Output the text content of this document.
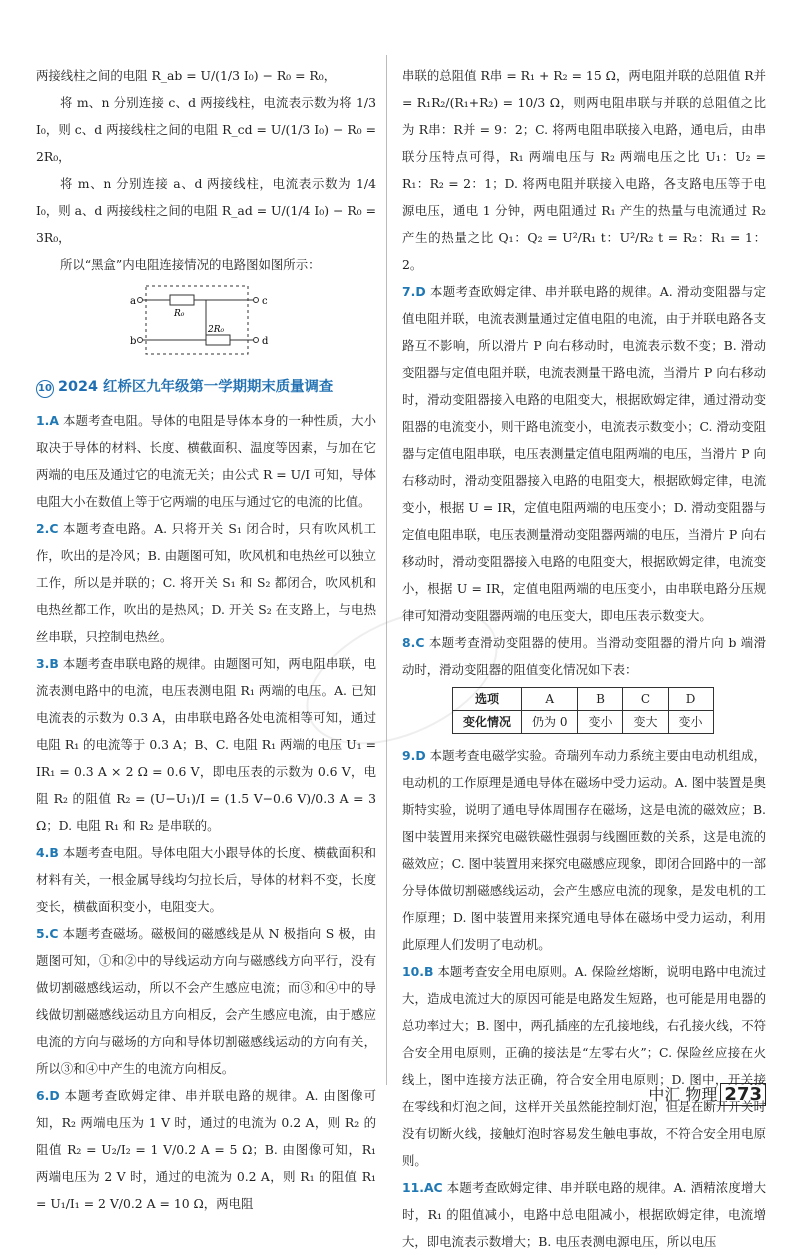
两接线柱之间的电阻 R_ab = U/(1/3 I₀) − R₀ = R₀，

将 m、n 分别连接 c、d 两接线柱，电流表示数为将 1/3 I₀，则 c、d 两接线柱之间的电阻 R_cd = U/(1/3 I₀) − R₀ = 2R₀，

将 m、n 分别连接 a、d 两接线柱，电流表示数为 1/4 I₀，则 a、d 两接线柱之间的电阻 R_ad = U/(1/4 I₀) − R₀ = 3R₀，

所以“黑盒”内电阻连接情况的电路图如图所示：

a
b
c
d
R₀
2R₀
10 2024 红桥区九年级第一学期期末质量调查

1.A 本题考查电阻。导体的电阻是导体本身的一种性质，大小取决于导体的材料、长度、横截面积、温度等因素，与加在它两端的电压及通过它的电流无关；由公式 R = U/I 可知，导体电阻大小在数值上等于它两端的电压与通过它的电流的比值。

2.C 本题考查电路。A. 只将开关 S₁ 闭合时，只有吹风机工作，吹出的是冷风；B. 由题图可知，吹风机和电热丝可以独立工作，所以是并联的；C. 将开关 S₁ 和 S₂ 都闭合，吹风机和电热丝都工作，吹出的是热风；D. 开关 S₂ 在支路上，与电热丝串联，只控制电热丝。

3.B 本题考查串联电路的规律。由题图可知，两电阻串联，电流表测电路中的电流，电压表测电阻 R₁ 两端的电压。A. 已知电流表的示数为 0.3 A，由串联电路各处电流相等可知，通过电阻 R₁ 的电流等于 0.3 A；B、C. 电阻 R₁ 两端的电压 U₁ = IR₁ = 0.3 A × 2 Ω = 0.6 V，即电压表的示数为 0.6 V，电阻 R₂ 的阻值 R₂ = (U−U₁)/I = (1.5 V−0.6 V)/0.3 A = 3 Ω；D. 电阻 R₁ 和 R₂ 是串联的。

4.B 本题考查电阻。导体电阻大小跟导体的长度、横截面积和材料有关，一根金属导线均匀拉长后，导体的材料不变，长度变长，横截面积变小，电阻变大。

5.C 本题考查磁场。磁极间的磁感线是从 N 极指向 S 极，由题图可知，①和②中的导线运动方向与磁感线方向平行，没有做切割磁感线运动，所以不会产生感应电流；而③和④中的导线做切割磁感线运动且方向相反，会产生感应电流，由于感应电流的方向与磁场的方向和导体切割磁感线运动的方向有关，所以③和④中产生的电流方向相反。

6.D 本题考查欧姆定律、串并联电路的规律。A. 由图像可知，R₂ 两端电压为 1 V 时，通过的电流为 0.2 A，则 R₂ 的阻值 R₂ = U₂/I₂ = 1 V/0.2 A = 5 Ω；B. 由图像可知，R₁ 两端电压为 2 V 时，通过的电流为 0.2 A，则 R₁ 的阻值 R₁ = U₁/I₁ = 2 V/0.2 A = 10 Ω，两电阻

串联的总阻值 R串 = R₁ + R₂ = 15 Ω，两电阻并联的总阻值 R并 = R₁R₂/(R₁+R₂) = 10/3 Ω，则两电阻串联与并联的总阻值之比为 R串：R并 = 9：2；C. 将两电阻串联接入电路，通电后，由串联分压特点可得，R₁ 两端电压与 R₂ 两端电压之比 U₁：U₂ = R₁：R₂ = 2：1；D. 将两电阻并联接入电路，各支路电压等于电源电压，通电 1 分钟，两电阻通过 R₁ 产生的热量与电流通过 R₂ 产生的热量之比 Q₁：Q₂ = U²/R₁ t：U²/R₂ t = R₂：R₁ = 1：2。

7.D 本题考查欧姆定律、串并联电路的规律。A. 滑动变阻器与定值电阻并联，电流表测量通过定值电阻的电流，由于并联电路各支路互不影响，所以滑片 P 向右移动时，电流表示数不变；B. 滑动变阻器与定值电阻并联，电流表测量干路电流，当滑片 P 向右移动时，滑动变阻器接入电路的电阻变大，根据欧姆定律，通过滑动变阻器的电流变小，则干路电流变小，电流表示数变小；C. 滑动变阻器与定值电阻串联，电压表测量定值电阻两端的电压，当滑片 P 向右移动时，滑动变阻器接入电路的电阻变大，根据欧姆定律，电流变小，根据 U = IR，定值电阻两端的电压变小；D. 滑动变阻器与定值电阻串联，电压表测量滑动变阻器两端的电压，当滑片 P 向右移动时，滑动变阻器接入电路的电阻变大，根据欧姆定律，电流变小，根据 U = IR，定值电阻两端的电压变小，由串联电路分压规律可知滑动变阻器两端的电压变大，即电压表示数变大。

8.C 本题考查滑动变阻器的使用。当滑动变阻器的滑片向 b 端滑动时，滑动变阻器的阻值变化情况如下表：

选项	A	B	C	D
变化情况	仍为 0	变小	变大	变小

9.D 本题考查电磁学实验。奇瑞列车动力系统主要由电动机组成，电动机的工作原理是通电导体在磁场中受力运动。A. 图中装置是奥斯特实验，说明了通电导体周围存在磁场，这是电流的磁效应；B. 图中装置用来探究电磁铁磁性强弱与线圈匝数的关系，这是电流的磁效应；C. 图中装置用来探究电磁感应现象，即闭合回路中的一部分导体做切割磁感线运动，会产生感应电流的现象，是发电机的工作原理；D. 图中装置用来探究通电导体在磁场中受力运动，利用此原理人们发明了电动机。

10.B 本题考查安全用电原则。A. 保险丝熔断，说明电路中电流过大，造成电流过大的原因可能是电路发生短路，也可能是用电器的总功率过大；B. 图中，两孔插座的左孔接地线，右孔接火线，不符合安全用电原则，正确的接法是“左零右火”；C. 保险丝应接在火线上，图中连接方法正确，符合安全用电原则；D. 图中，开关接在零线和灯泡之间，这样开关虽然能控制灯泡，但是在断开开关时没有切断火线，接触灯泡时容易发生触电事故，不符合安全用电原则。

11.AC 本题考查欧姆定律、串并联电路的规律。A. 酒精浓度增大时，R₁ 的阻值减小，电路中总电阻减小，根据欧姆定律，电流增大，即电流表示数增大；B. 电压表测电源电压，所以电压

中汇 物理 273
